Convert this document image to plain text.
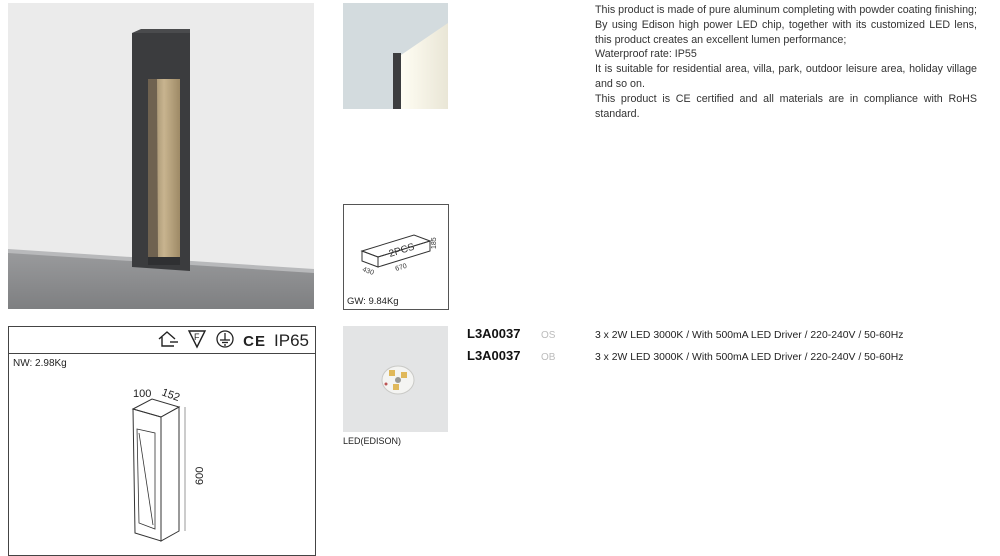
2PCS
430	670
185
GW: 9.84Kg
This product is made of pure aluminum completing with powder coating finishing;
By using Edison high power LED chip, together with its customized LED lens, this product creates an excellent lumen performance;
Waterproof rate: IP55
It is suitable for residential area, villa, park, outdoor leisure area, holiday village and so on.
This product is CE certified and all materials are in compliance with RoHS standard.
F	CE IP65
NW: 2.98Kg
100 152
600
LED(EDISON)
L3A0037	OS	3 x 2W LED 3000K / With 500mA LED Driver / 220-240V / 50-60Hz
L3A0037	OB	3 x 2W LED 3000K / With 500mA LED Driver / 220-240V / 50-60Hz
